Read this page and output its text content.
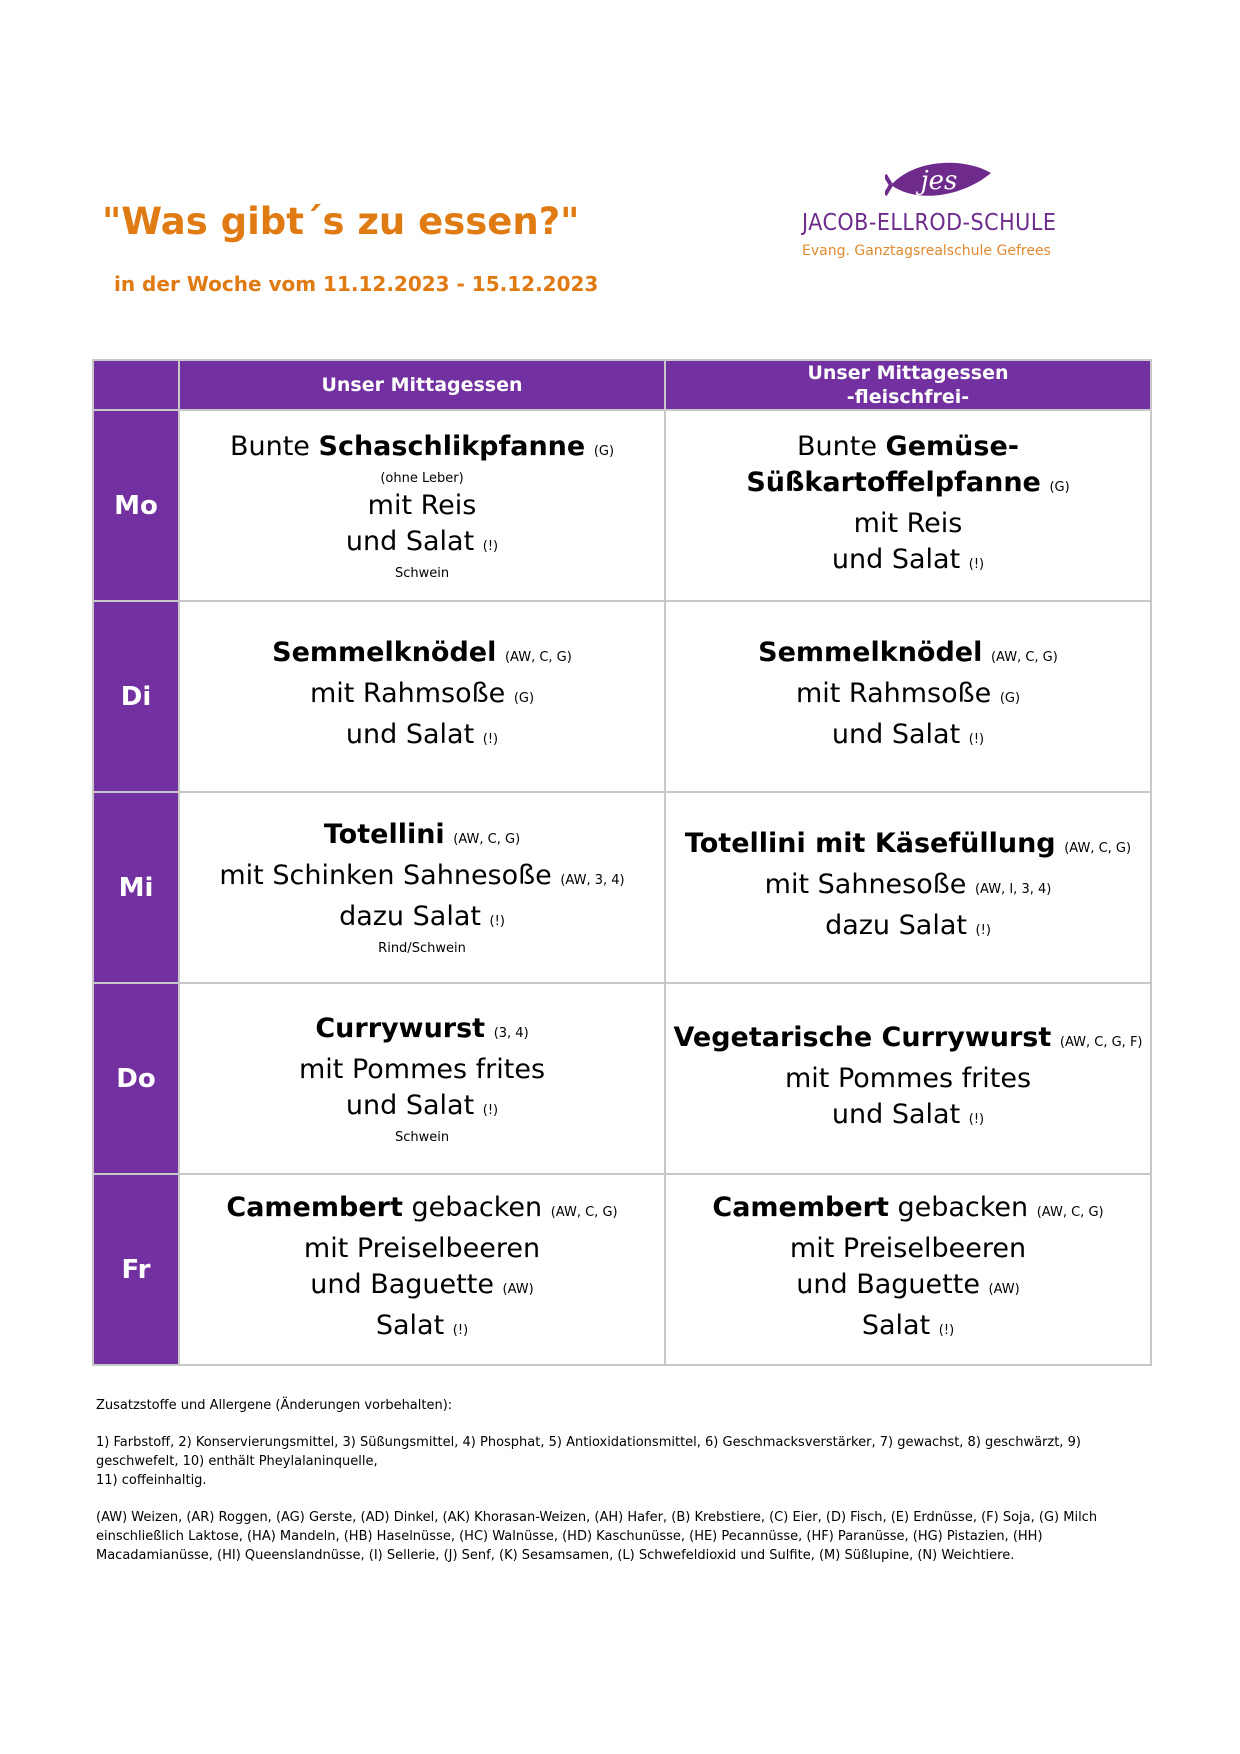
"Was gibt´s zu essen?"
in der Woche vom 11.12.2023 - 15.12.2023
jes
JACOB-ELLROD-SCHULE
Evang. Ganztagsrealschule Gefrees
	Unser Mittagessen	Unser Mittagessen
-fleischfrei-
Mo	Bunte Schaschlikpfanne (G)
(ohne Leber)
mit Reis
und Salat (!)
Schwein	Bunte Gemüse-
Süßkartoffelpfanne (G)
mit Reis
und Salat (!)
Di	Semmelknödel (AW, C, G)
mit Rahmsoße (G)
und Salat (!)	Semmelknödel (AW, C, G)
mit Rahmsoße (G)
und Salat (!)
Mi	Totellini (AW, C, G)
mit Schinken Sahnesoße (AW, 3, 4)
dazu Salat (!)
Rind/Schwein	Totellini mit Käsefüllung (AW, C, G)
mit Sahnesoße (AW, I, 3, 4)
dazu Salat (!)
Do	Currywurst (3, 4)
mit Pommes frites
und Salat (!)
Schwein	Vegetarische Currywurst (AW, C, G, F)
mit Pommes frites
und Salat (!)
Fr	Camembert gebacken (AW, C, G)
mit Preiselbeeren
und Baguette (AW)
Salat (!)	Camembert gebacken (AW, C, G)
mit Preiselbeeren
und Baguette (AW)
Salat (!)

Zusatzstoffe und Allergene (Änderungen vorbehalten):

1) Farbstoff, 2) Konservierungsmittel, 3) Süßungsmittel, 4) Phosphat, 5) Antioxidationsmittel, 6) Geschmacksverstärker, 7) gewachst, 8) geschwärzt, 9) geschwefelt, 10) enthält Pheylalaninquelle,
11) coffeinhaltig.

(AW) Weizen, (AR) Roggen, (AG) Gerste, (AD) Dinkel, (AK) Khorasan-Weizen, (AH) Hafer, (B) Krebstiere, (C) Eier, (D) Fisch, (E) Erdnüsse, (F) Soja, (G) Milch einschließlich Laktose, (HA) Mandeln, (HB) Haselnüsse, (HC) Walnüsse, (HD) Kaschunüsse, (HE) Pecannüsse, (HF) Paranüsse, (HG) Pistazien, (HH) Macadamianüsse, (HI) Queenslandnüsse, (I) Sellerie, (J) Senf, (K) Sesamsamen, (L) Schwefeldioxid und Sulfite, (M) Süßlupine, (N) Weichtiere.
